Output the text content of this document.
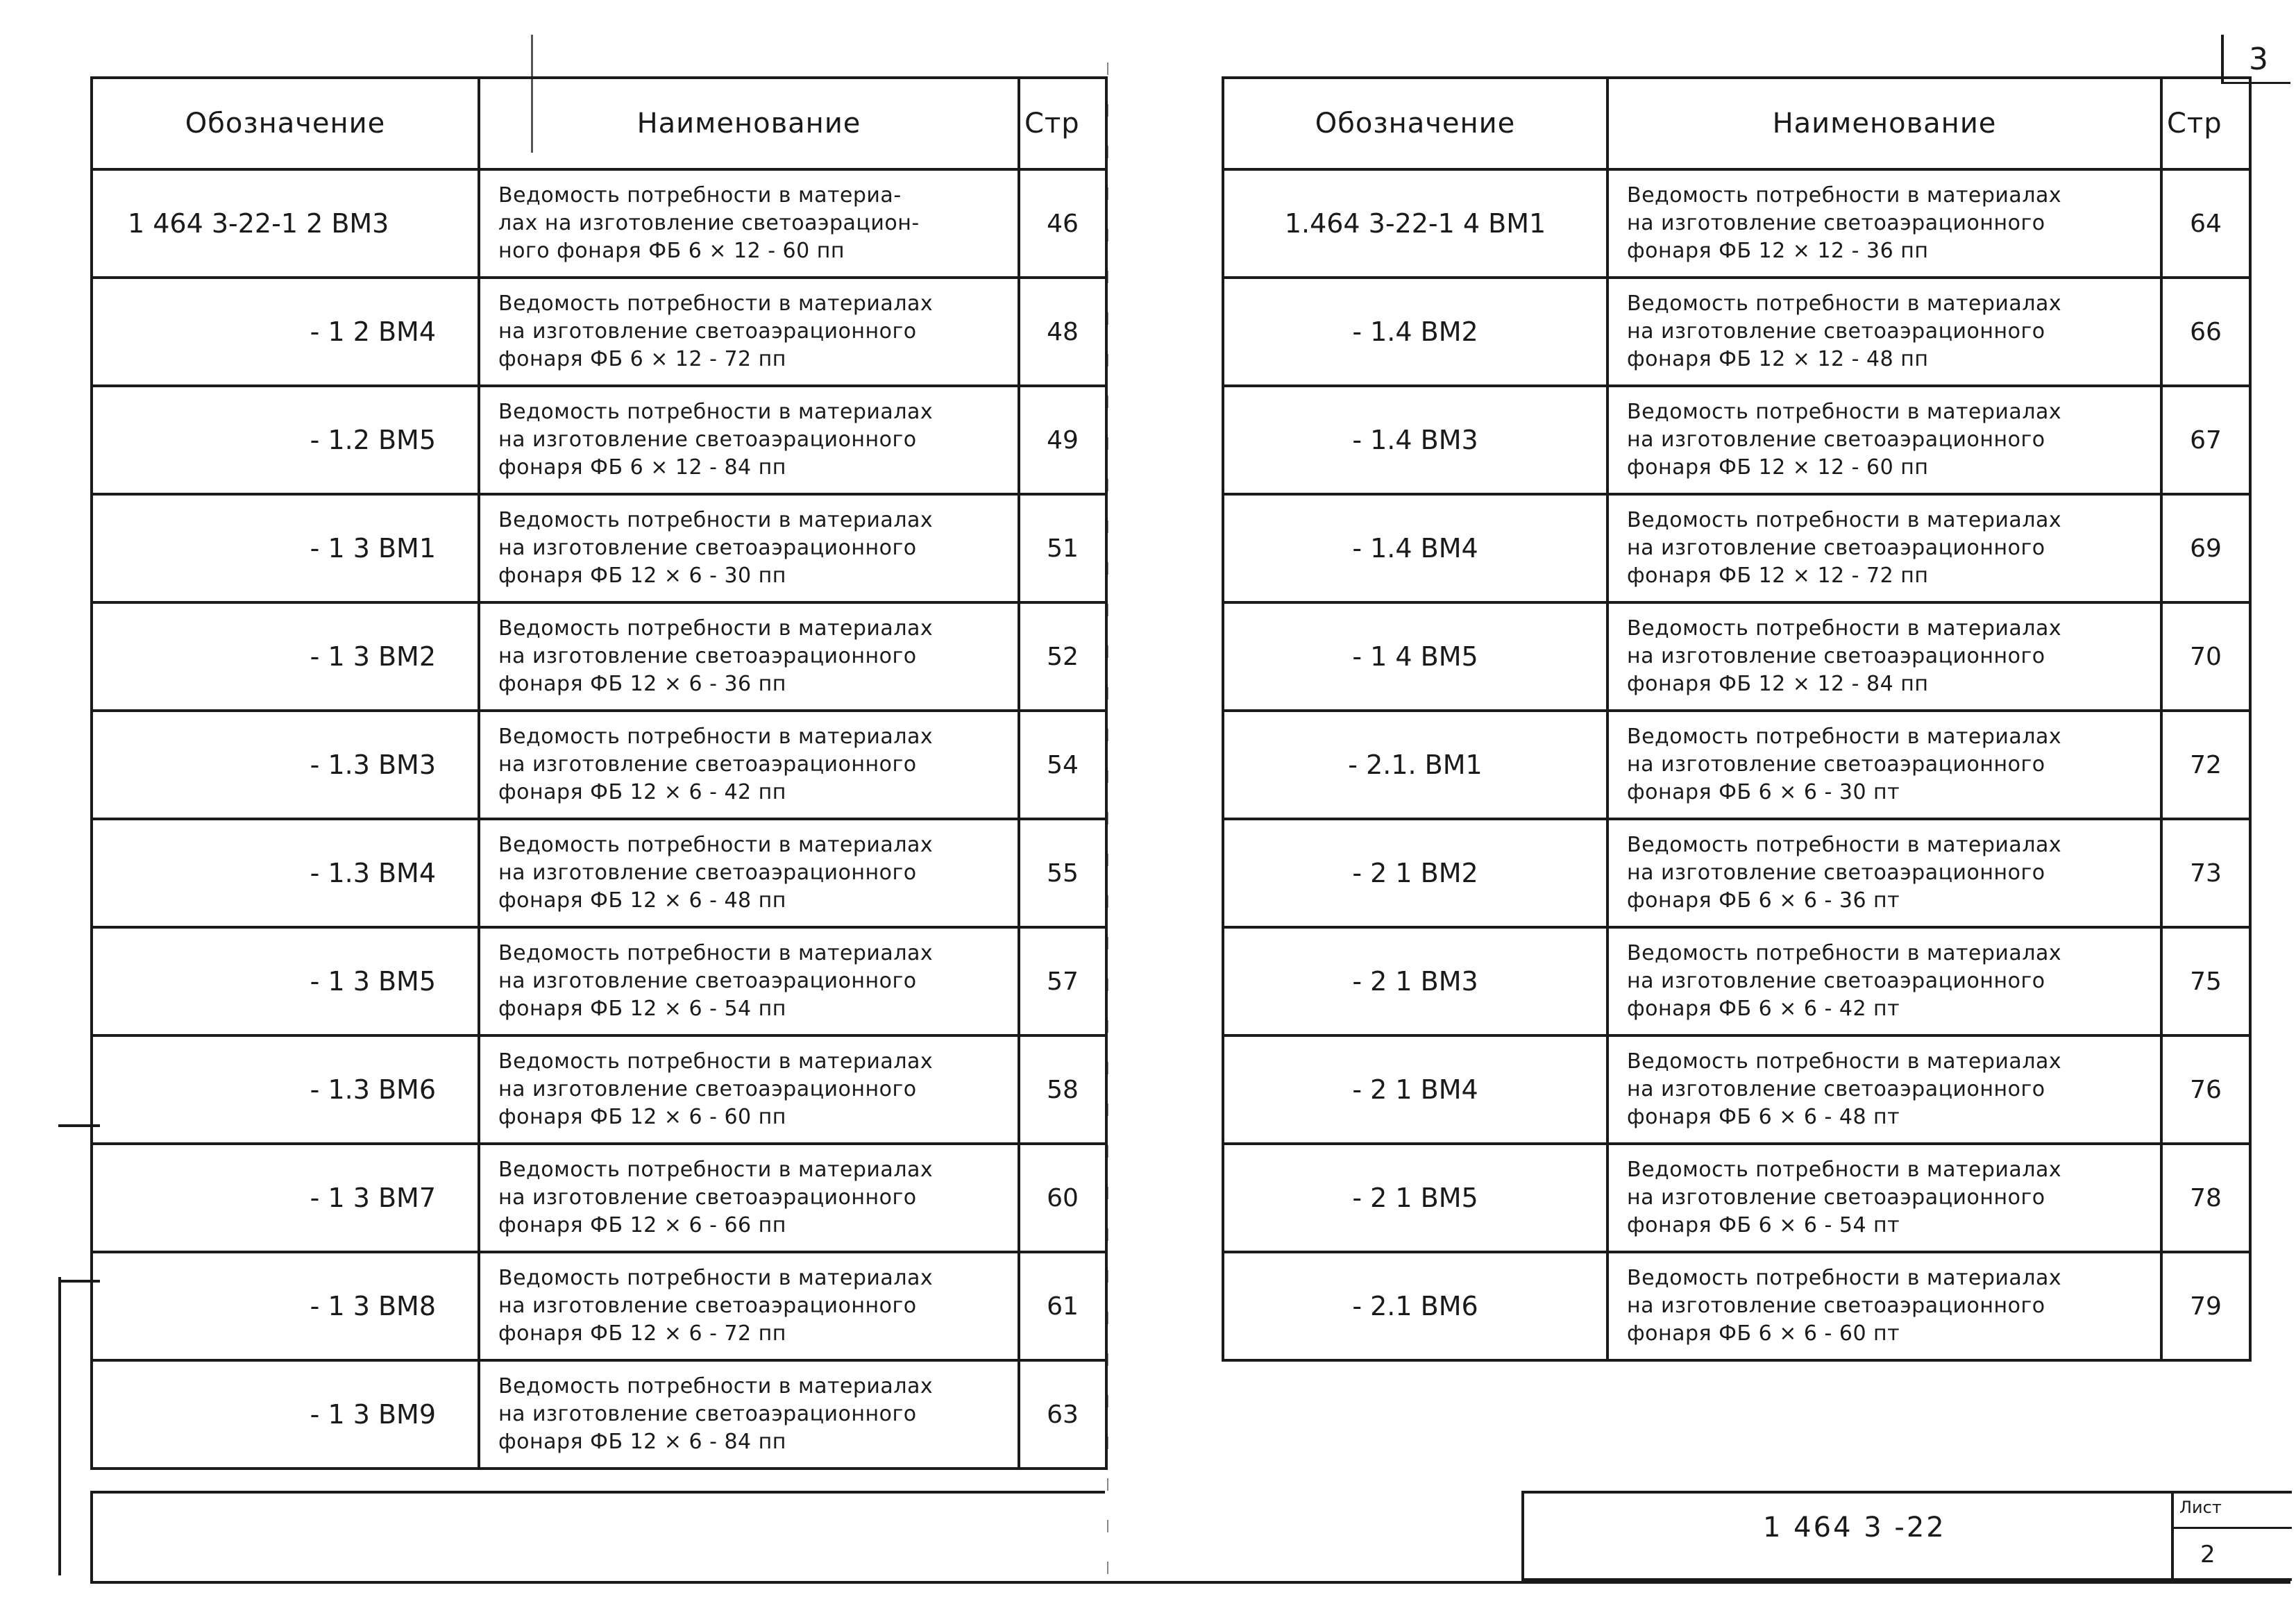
3
Обозначение	Наименование	Стр
1 464 3-22-1 2 ВМ3	Ведомость потребности в материа-
лах на изготовление светоаэрацион-
ного фонаря ФБ 6 × 12 - 60 пп	46
- 1 2 ВМ4	Ведомость потребности в материалах
на изготовление светоаэрационного
фонаря ФБ 6 × 12 - 72 пп	48
- 1.2 ВМ5	Ведомость потребности в материалах
на изготовление светоаэрационного
фонаря ФБ 6 × 12 - 84 пп	49
- 1 3 ВМ1	Ведомость потребности в материалах
на изготовление светоаэрационного
фонаря ФБ 12 × 6 - 30 пп	51
- 1 3 ВМ2	Ведомость потребности в материалах
на изготовление светоаэрационного
фонаря ФБ 12 × 6 - 36 пп	52
- 1.3 ВМ3	Ведомость потребности в материалах
на изготовление светоаэрационного
фонаря ФБ 12 × 6 - 42 пп	54
- 1.3 ВМ4	Ведомость потребности в материалах
на изготовление светоаэрационного
фонаря ФБ 12 × 6 - 48 пп	55
- 1 3 ВМ5	Ведомость потребности в материалах
на изготовление светоаэрационного
фонаря ФБ 12 × 6 - 54 пп	57
- 1.3 ВМ6	Ведомость потребности в материалах
на изготовление светоаэрационного
фонаря ФБ 12 × 6 - 60 пп	58
- 1 3 ВМ7	Ведомость потребности в материалах
на изготовление светоаэрационного
фонаря ФБ 12 × 6 - 66 пп	60
- 1 3 ВМ8	Ведомость потребности в материалах
на изготовление светоаэрационного
фонаря ФБ 12 × 6 - 72 пп	61
- 1 3 ВМ9	Ведомость потребности в материалах
на изготовление светоаэрационного
фонаря ФБ 12 × 6 - 84 пп	63
Обозначение	Наименование	Стр
1.464 3-22-1 4 ВМ1	Ведомость потребности в материалах
на изготовление светоаэрационного
фонаря ФБ 12 × 12 - 36 пп	64
- 1.4 ВМ2	Ведомость потребности в материалах
на изготовление светоаэрационного
фонаря ФБ 12 × 12 - 48 пп	66
- 1.4 ВМ3	Ведомость потребности в материалах
на изготовление светоаэрационного
фонаря ФБ 12 × 12 - 60 пп	67
- 1.4 ВМ4	Ведомость потребности в материалах
на изготовление светоаэрационного
фонаря ФБ 12 × 12 - 72 пп	69
- 1 4 ВМ5	Ведомость потребности в материалах
на изготовление светоаэрационного
фонаря ФБ 12 × 12 - 84 пп	70
- 2.1. ВМ1	Ведомость потребности в материалах
на изготовление светоаэрационного
фонаря ФБ 6 × 6 - 30 пт	72
- 2 1 ВМ2	Ведомость потребности в материалах
на изготовление светоаэрационного
фонаря ФБ 6 × 6 - 36 пт	73
- 2 1 ВМ3	Ведомость потребности в материалах
на изготовление светоаэрационного
фонаря ФБ 6 × 6 - 42 пт	75
- 2 1 ВМ4	Ведомость потребности в материалах
на изготовление светоаэрационного
фонаря ФБ 6 × 6 - 48 пт	76
- 2 1 ВМ5	Ведомость потребности в материалах
на изготовление светоаэрационного
фонаря ФБ 6 × 6 - 54 пт	78
- 2.1 ВМ6	Ведомость потребности в материалах
на изготовление светоаэрационного
фонаря ФБ 6 × 6 - 60 пт	79
1 464 3 -22
Лист
2
